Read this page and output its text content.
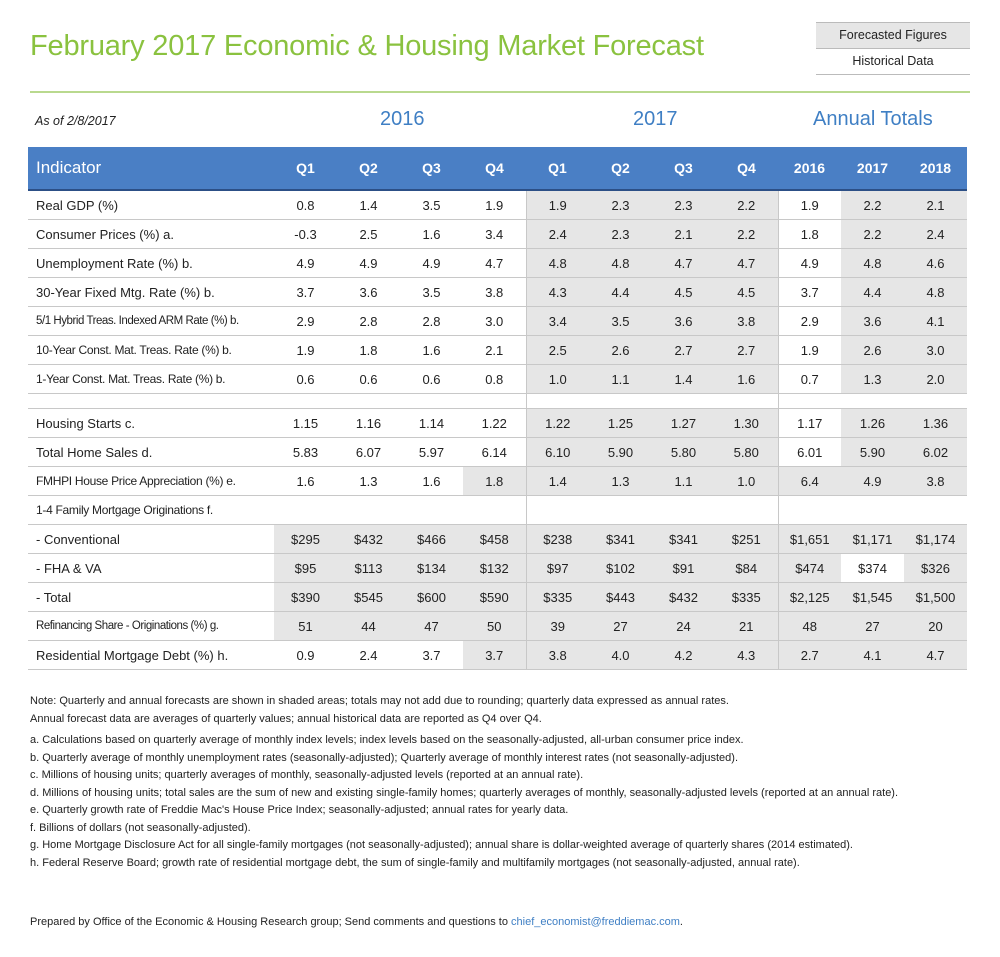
February 2017 Economic & Housing Market Forecast	Forecasted Figures
Historical Data
As of 2/8/2017	2016	2017	Annual Totals
Indicator	Q1	Q2	Q3	Q4	Q1	Q2	Q3	Q4	2016	2017	2018
Real GDP (%)	0.8	1.4	3.5	1.9	1.9	2.3	2.3	2.2	1.9	2.2	2.1
Consumer Prices (%) a.	-0.3	2.5	1.6	3.4	2.4	2.3	2.1	2.2	1.8	2.2	2.4
Unemployment Rate (%) b.	4.9	4.9	4.9	4.7	4.8	4.8	4.7	4.7	4.9	4.8	4.6
30-Year Fixed Mtg. Rate (%) b.	3.7	3.6	3.5	3.8	4.3	4.4	4.5	4.5	3.7	4.4	4.8
5/1 Hybrid Treas. Indexed ARM Rate (%) b.	2.9	2.8	2.8	3.0	3.4	3.5	3.6	3.8	2.9	3.6	4.1
10-Year Const. Mat. Treas. Rate (%) b.	1.9	1.8	1.6	2.1	2.5	2.6	2.7	2.7	1.9	2.6	3.0
1-Year Const. Mat. Treas. Rate (%) b.	0.6	0.6	0.6	0.8	1.0	1.1	1.4	1.6	0.7	1.3	2.0

Housing Starts c.	1.15	1.16	1.14	1.22	1.22	1.25	1.27	1.30	1.17	1.26	1.36
Total Home Sales d.	5.83	6.07	5.97	6.14	6.10	5.90	5.80	5.80	6.01	5.90	6.02
FMHPI House Price Appreciation (%) e.	1.6	1.3	1.6	1.8	1.4	1.3	1.1	1.0	6.4	4.9	3.8
1-4 Family Mortgage Originations f.											
- Conventional	$295	$432	$466	$458	$238	$341	$341	$251	$1,651	$1,171	$1,174
- FHA & VA	$95	$113	$134	$132	$97	$102	$91	$84	$474	$374	$326
- Total	$390	$545	$600	$590	$335	$443	$432	$335	$2,125	$1,545	$1,500
Refinancing Share - Originations (%) g.	51	44	47	50	39	27	24	21	48	27	20
Residential Mortgage Debt (%) h.	0.9	2.4	3.7	3.7	3.8	4.0	4.2	4.3	2.7	4.1	4.7

Note: Quarterly and annual forecasts are shown in shaded areas; totals may not add due to rounding; quarterly data expressed as annual rates.

Annual forecast data are averages of quarterly values; annual historical data are reported as Q4 over Q4.

a. Calculations based on quarterly average of monthly index levels; index levels based on the seasonally-adjusted, all-urban consumer price index.

b. Quarterly average of monthly unemployment rates (seasonally-adjusted); Quarterly average of monthly interest rates (not seasonally-adjusted).

c. Millions of housing units; quarterly averages of monthly, seasonally-adjusted levels (reported at an annual rate).

d. Millions of housing units; total sales are the sum of new and existing single-family homes; quarterly averages of monthly, seasonally-adjusted levels (reported at an annual rate).

e. Quarterly growth rate of Freddie Mac's House Price Index; seasonally-adjusted; annual rates for yearly data.

f. Billions of dollars (not seasonally-adjusted).

g. Home Mortgage Disclosure Act for all single-family mortgages (not seasonally-adjusted); annual share is dollar-weighted average of quarterly shares (2014 estimated).

h. Federal Reserve Board; growth rate of residential mortgage debt, the sum of single-family and multifamily mortgages (not seasonally-adjusted, annual rate).

Prepared by Office of the Economic & Housing Research group; Send comments and questions to chief_economist@freddiemac.com.
